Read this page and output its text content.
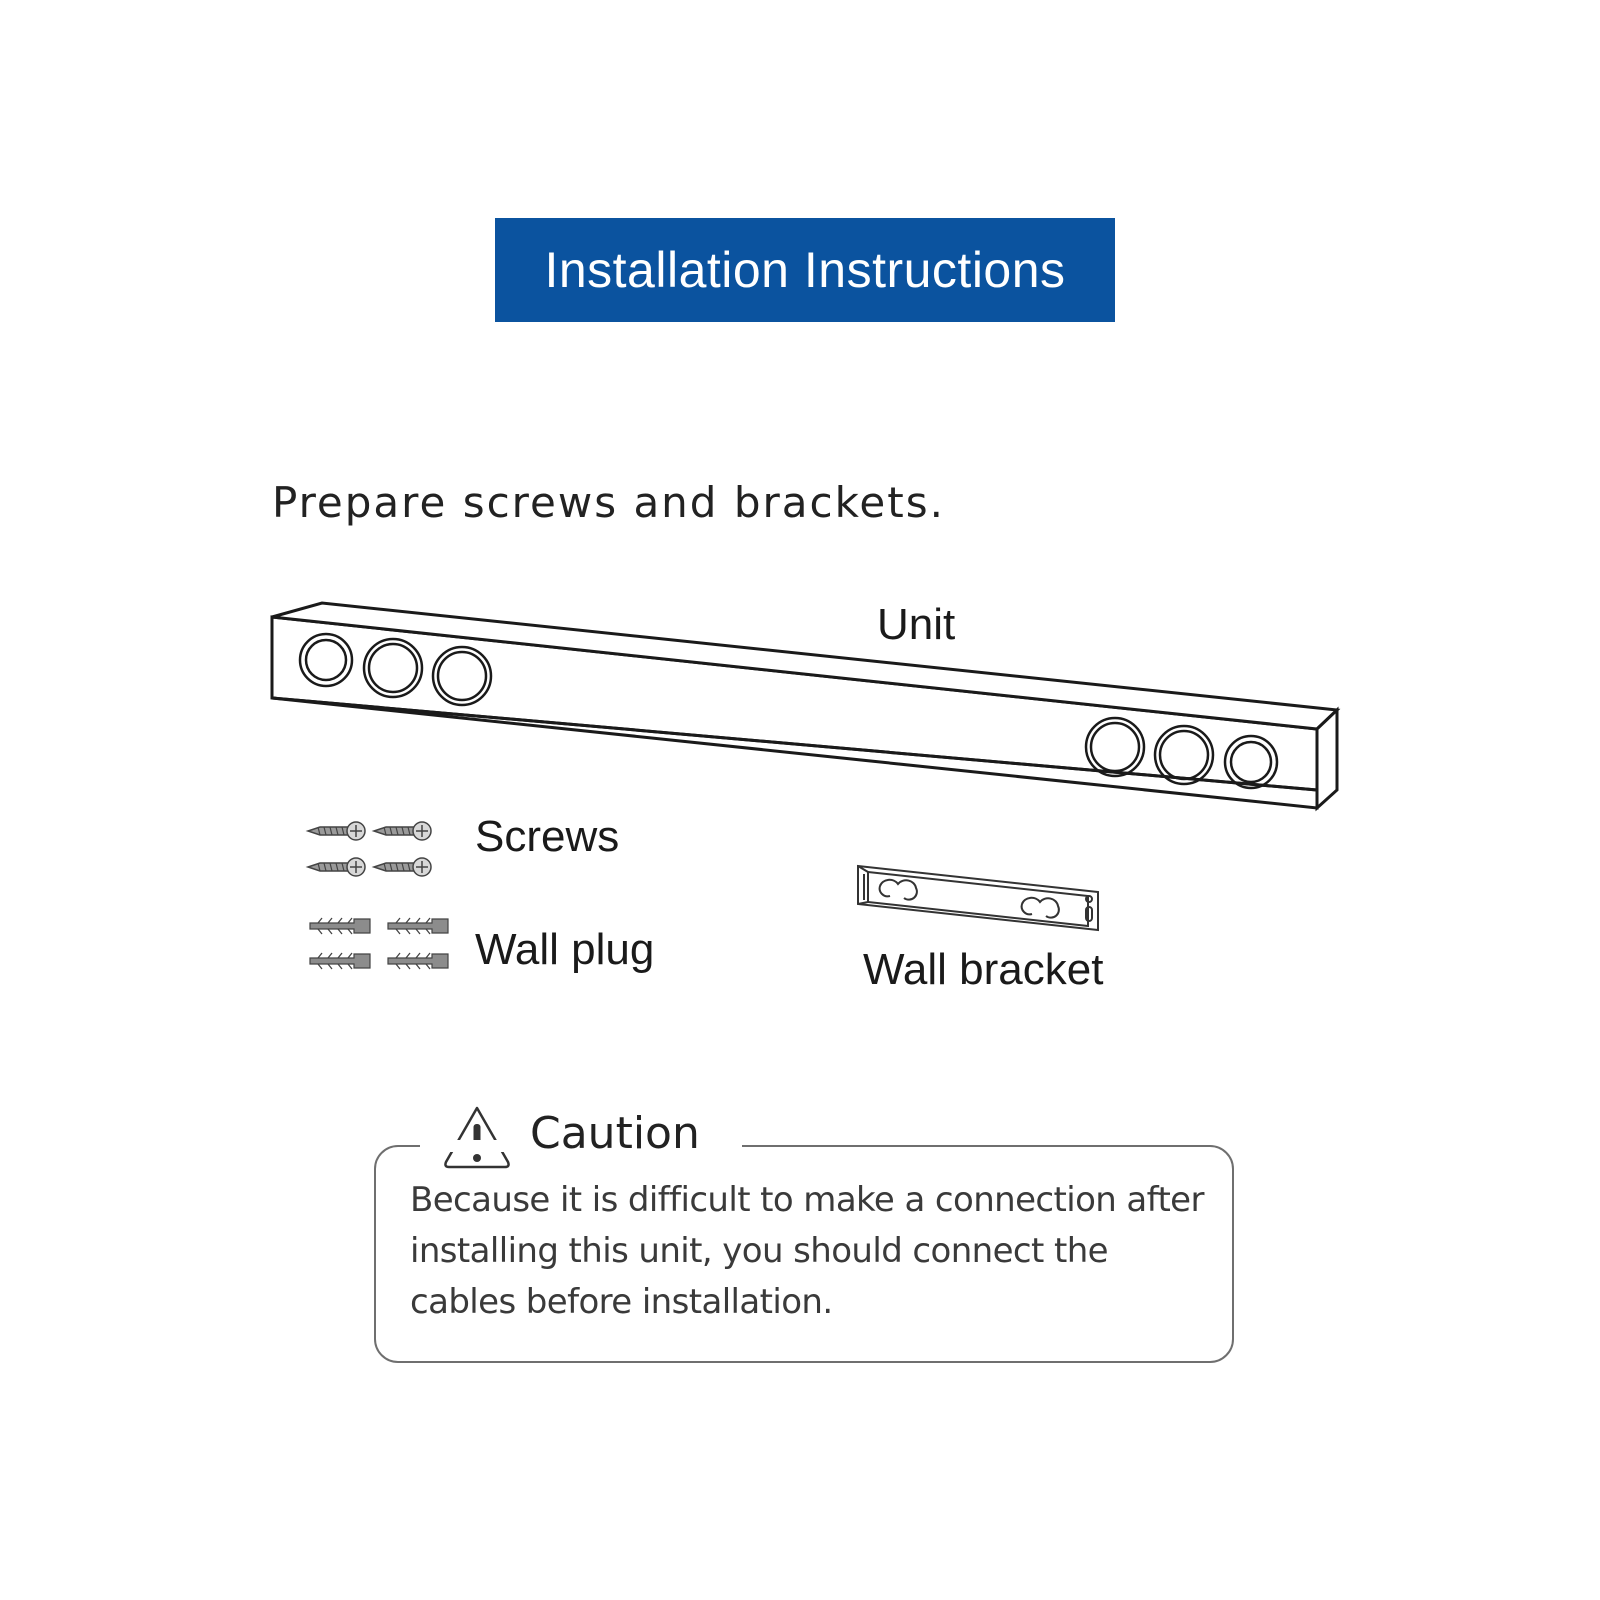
Installation Instructions
Prepare screws and brackets.
Unit
Screws
Wall plug	Wall bracket
Caution
Because it is difficult to make a connection after installing this unit, you should connect the cables before installation.
